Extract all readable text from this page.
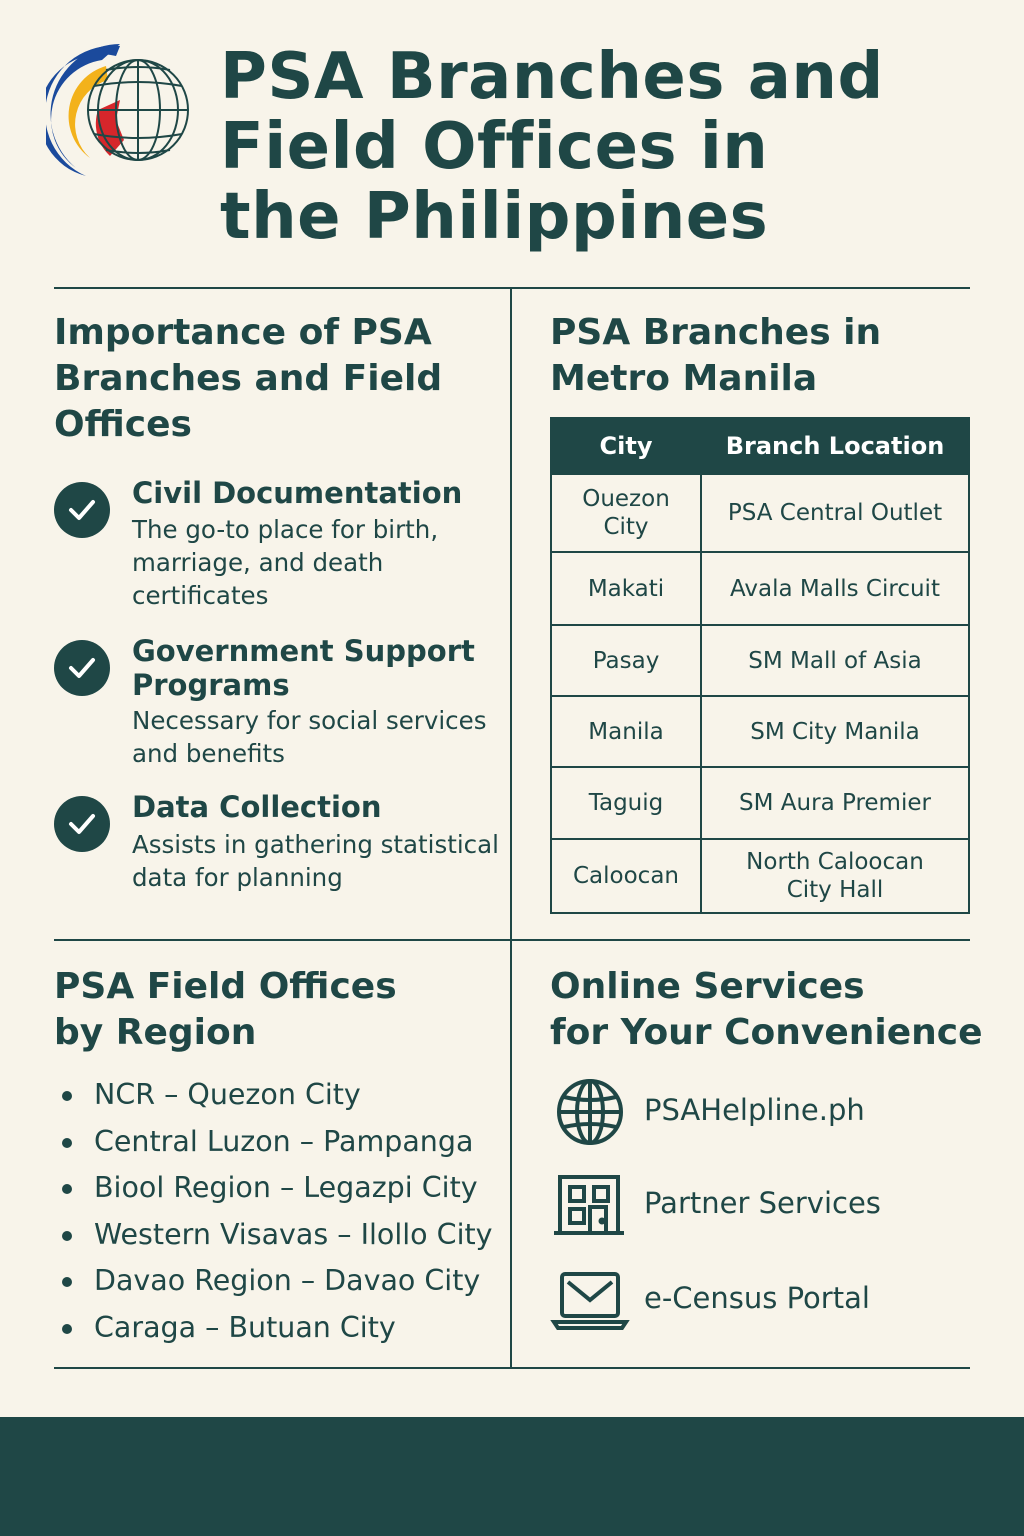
PSA Branches and
Field Offices in
the Philippines
Importance of PSA
Branches and Field
Offices
Civil Documentation
The go-to place for birth, marriage, and death certificates
Government Support Programs
Necessary for social services and benefits
Data Collection
Assists in gathering statistical data for planning
PSA Branches in
Metro Manila
City	Branch Location

Ouezon City	PSA Central Outlet
Makati	Avala Malls Circuit
Pasay	SM Mall of Asia
Manila	SM City Manila
Taguig	SM Aura Premier
Caloocan	North Caloocan City Hall
PSA Field Offices
by Region
NCR – Quezon City
Central Luzon – Pampanga
Biool Region – Legazpi City
Western Visavas – Ilollo City
Davao Region – Davao City
Caraga – Butuan City
Online Services
for Your Convenience
PSAHelpline.ph
Partner Services
e-Census Portal
